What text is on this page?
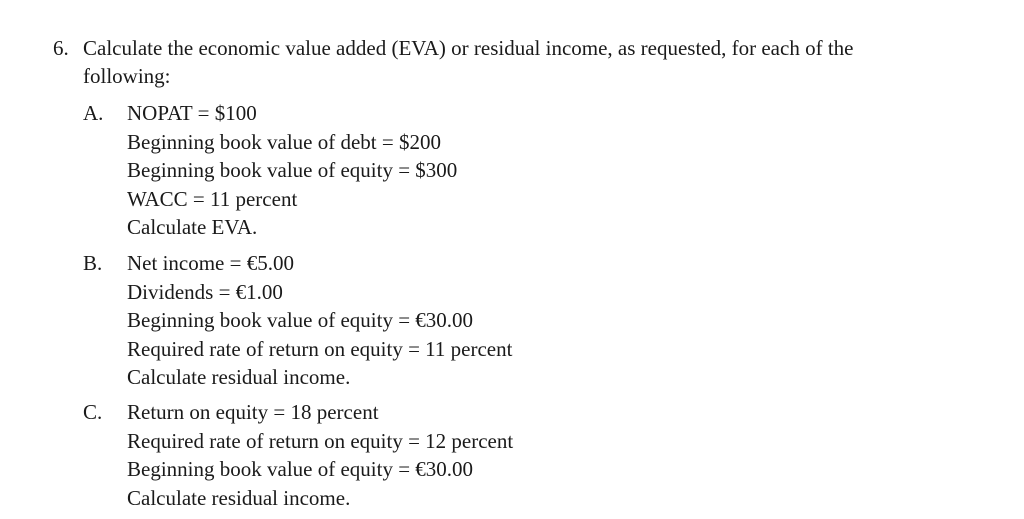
6. Calculate the economic value added (EVA) or residual income, as requested, for each of the following:
A. NOPAT = $100
Beginning book value of debt = $200
Beginning book value of equity = $300
WACC = 11 percent
Calculate EVA.
B. Net income = €5.00
Dividends = €1.00
Beginning book value of equity = €30.00
Required rate of return on equity = 11 percent
Calculate residual income.
C. Return on equity = 18 percent
Required rate of return on equity = 12 percent
Beginning book value of equity = €30.00
Calculate residual income.
